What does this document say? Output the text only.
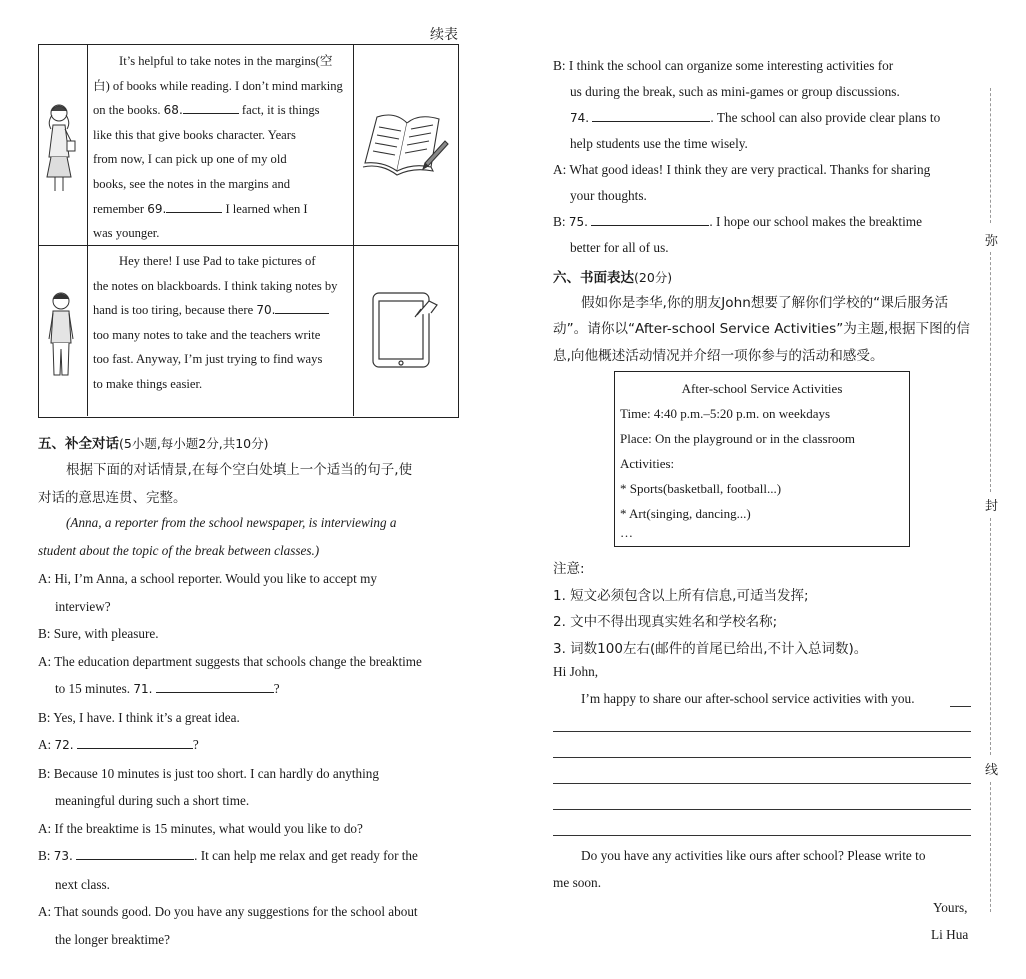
续表
It’s helpful to take notes in the margins(空
白) of books while reading. I don’t mind marking
on the books. 68.	fact, it is things
like this that give books character. Years
from now, I can pick up one of my old
books, see the notes in the margins and
remember 69.	I learned when I
was younger.
Hey there! I use Pad to take pictures of
the notes on blackboards. I think taking notes by
hand is too tiring, because there 70.
too many notes to take and the teachers write
too fast. Anyway, I’m just trying to find ways
to make things easier.
五、补全对话(5小题,每小题2分,共10分)
根据下面的对话情景,在每个空白处填上一个适当的句子,使
对话的意思连贯、完整。
(Anna, a reporter from the school newspaper, is interviewing a
student about the topic of the break between classes.)
A: Hi, I’m Anna, a school reporter. Would you like to accept my
interview?
B: Sure, with pleasure.
A: The education department suggests that schools change the breaktime
to 15 minutes. 71.	?
B: Yes, I have. I think it’s a great idea.
A: 72.	?
B: Because 10 minutes is just too short. I can hardly do anything
meaningful during such a short time.
A: If the breaktime is 15 minutes, what would you like to do?
B: 73.	. It can help me relax and get ready for the
next class.
A: That sounds good. Do you have any suggestions for the school about
the longer breaktime?
B: I think the school can organize some interesting activities for
us during the break, such as mini-games or group discussions.
74.	. The school can also provide clear plans to
help students use the time wisely.
A: What good ideas! I think they are very practical. Thanks for sharing
your thoughts.
B: 75.	. I hope our school makes the breaktime
better for all of us.
六、书面表达(20分)
假如你是李华,你的朋友John想要了解你们学校的“课后服务活
动”。请你以“After-school Service Activities”为主题,根据下图的信
息,向他概述活动情况并介绍一项你参与的活动和感受。
After-school Service Activities
Time: 4:40 p.m.–5:20 p.m. on weekdays
Place: On the playground or in the classroom
Activities:
* Sports(basketball, football...)
* Art(singing, dancing...)
…
注意:
1. 短文必须包含以上所有信息,可适当发挥;
2. 文中不得出现真实姓名和学校名称;
3. 词数100左右(邮件的首尾已给出,不计入总词数)。
Hi John,
I’m happy to share our after-school service activities with you.
Do you have any activities like ours after school? Please write to
me soon.
Yours,
Li Hua
弥
封
线
